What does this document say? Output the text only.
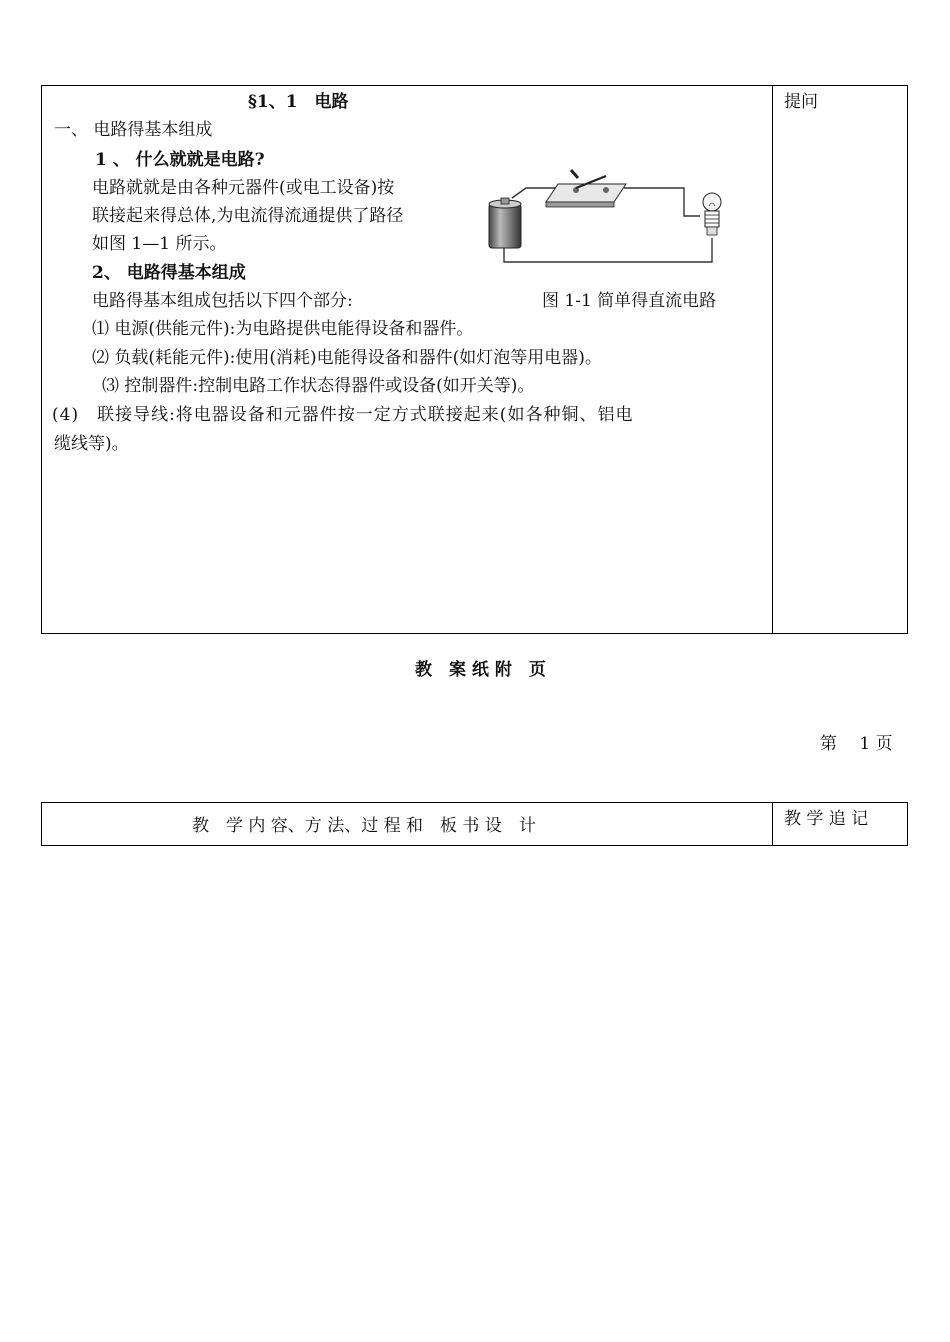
§1、1　电路	提问
一、 电路得基本组成
1 、 什么就就是电路?
电路就就是由各种元器件(或电工设备)按
联接起来得总体,为电流得流通提供了路径
如图 1—1 所示。
2、 电路得基本组成
电路得基本组成包括以下四个部分:	图 1-1 简单得直流电路
⑴ 电源(供能元件):为电路提供电能得设备和器件。
⑵ 负载(耗能元件):使用(消耗)电能得设备和器件(如灯泡等用电器)。
⑶ 控制器件:控制电路工作状态得器件或设备(如开关等)。
(4)　联接导线:将电器设备和元器件按一定方式联接起来(如各种铜、铝电
缆线等)。
教　案 纸 附　页
第　 1 页
教　学 内 容、方 法、过 程 和　板 书 设　计	教 学 追 记
